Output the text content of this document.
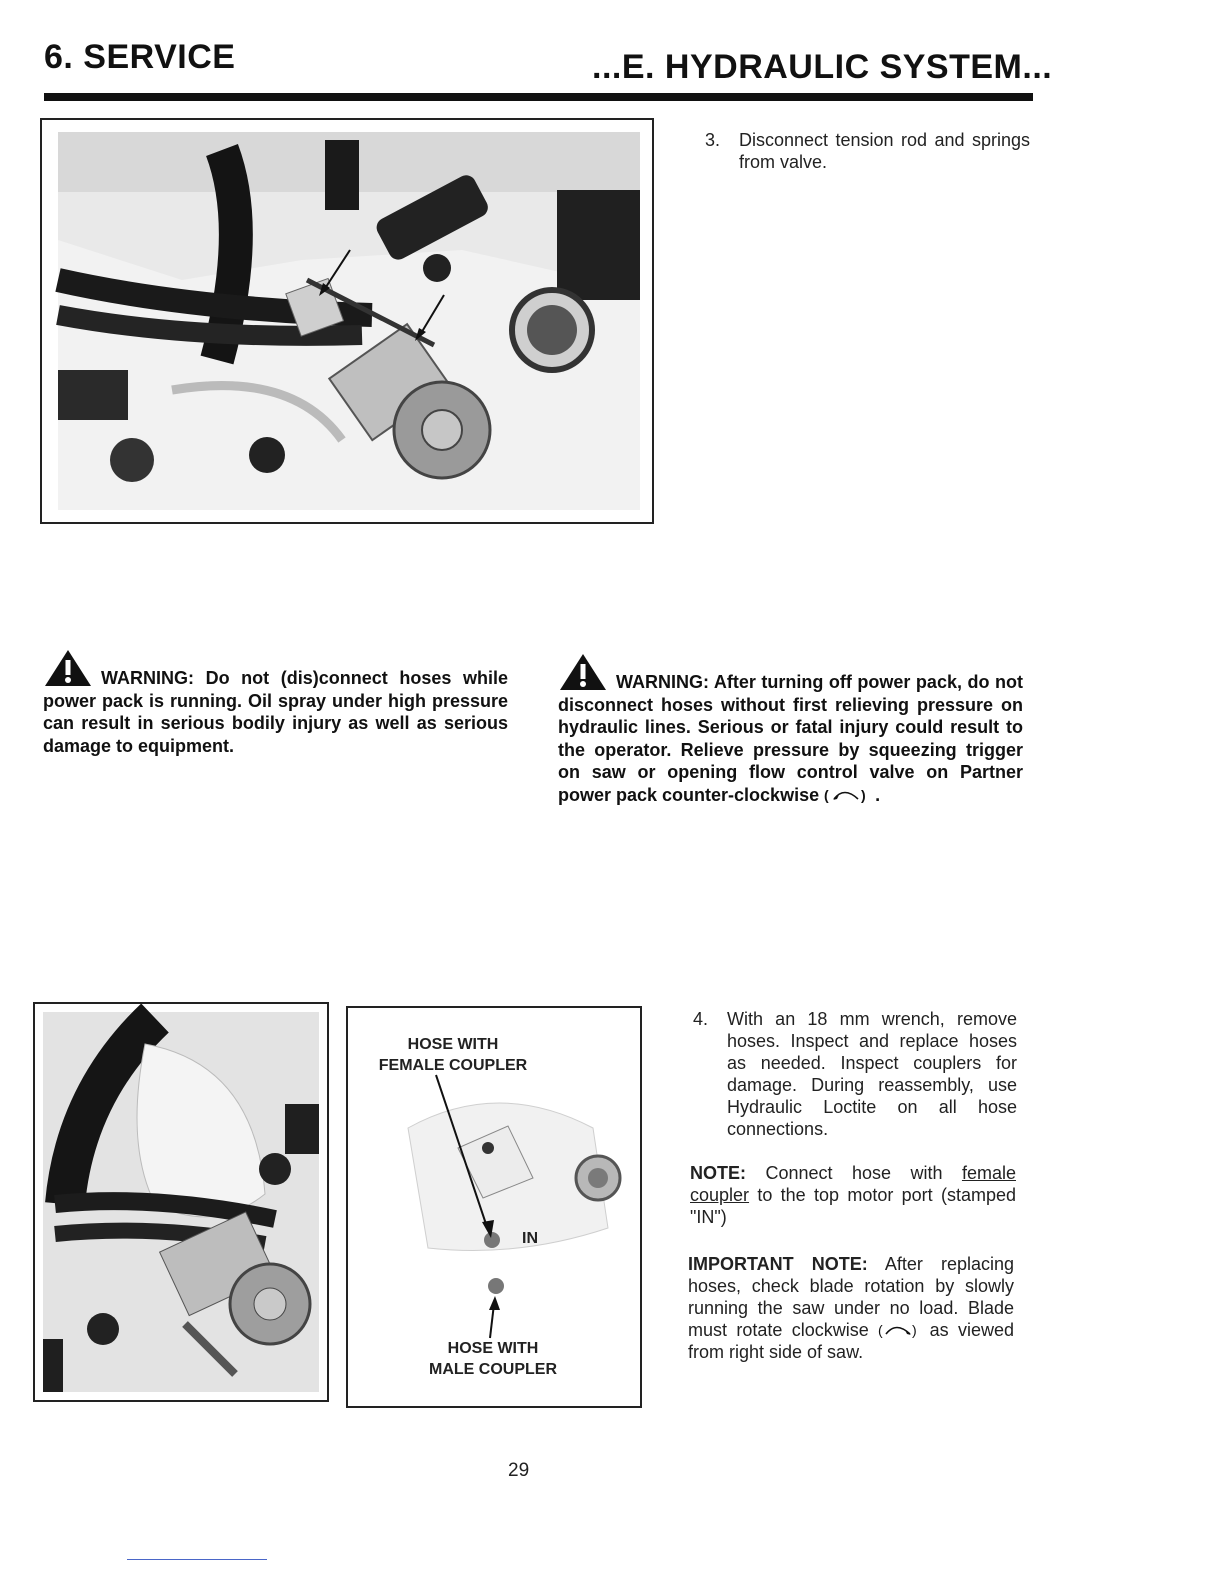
6. SERVICE	...E. HYDRAULIC SYSTEM...
3.	Disconnect tension rod and springs from valve.
WARNING: Do not (dis)connect hoses while power pack is running. Oil spray under high pressure can result in serious bodily injury as well as serious damage to equipment.
WARNING: After turning off power pack, do not disconnect hoses without first relieving pressure on hydraulic lines. Serious or fatal injury could result to the operator. Relieve pressure by squeezing trigger on saw or opening flow control valve on Partner power pack counter-clockwise ( ) .
HOSE WITH
FEMALE COUPLER
IN
HOSE WITH
MALE COUPLER
4.	With an 18 mm wrench, remove hoses. Inspect and replace hoses as needed. Inspect couplers for damage. During reassembly, use Hydraulic Loctite on all hose connections.
NOTE: Connect hose with female coupler to the top motor port (stamped "IN")
IMPORTANT NOTE: After replacing hoses, check blade rotation by slowly running the saw under no load. Blade must rotate clockwise ( ) as viewed from right side of saw.
29
